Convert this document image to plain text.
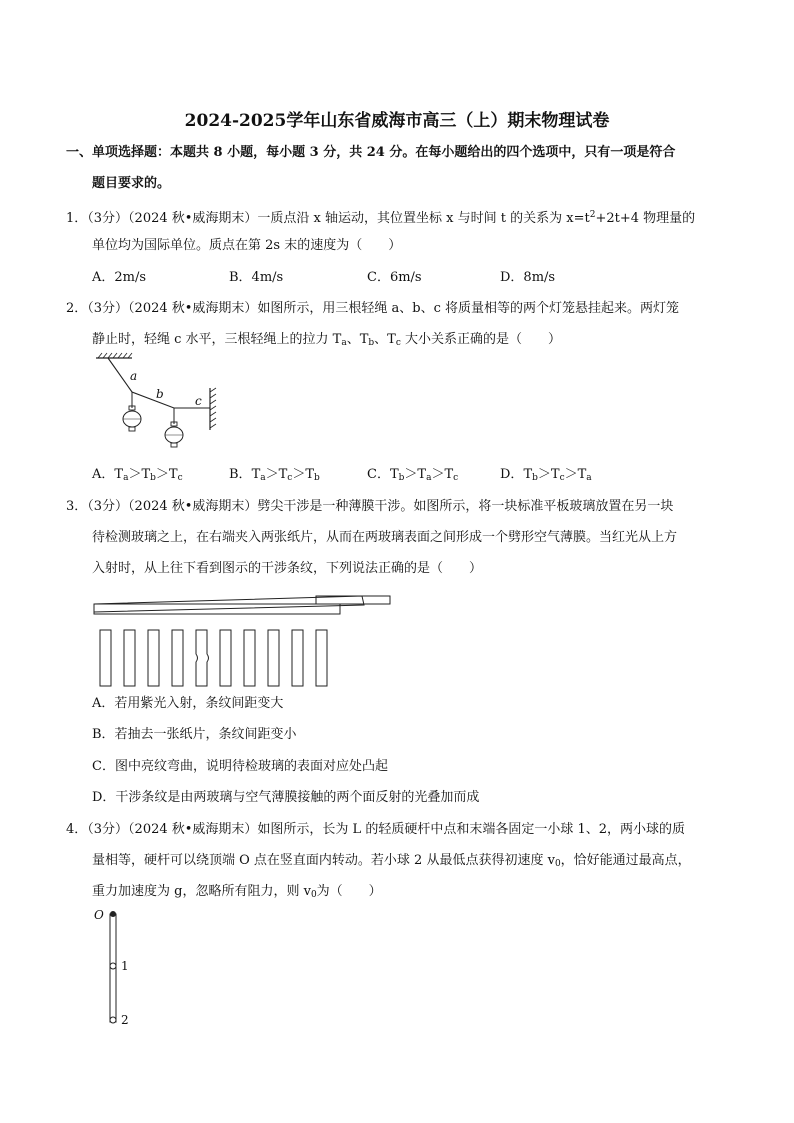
2024-2025学年山东省威海市高三（上）期末物理试卷
一、单项选择题：本题共 8 小题，每小题 3 分，共 24 分。在每小题给出的四个选项中，只有一项是符合
题目要求的。
1．（3分）（2024 秋•威海期末）一质点沿 x 轴运动，其位置坐标 x 与时间 t 的关系为 $x=t^2+2t+4$ 物理量的
单位均为国际单位。质点在第 2s 末的速度为（　　）
A．2m/s	B．4m/s	C．6m/s	D．8m/s
2．（3分）（2024 秋•威海期末）如图所示，用三根轻绳 a、b、c 将质量相等的两个灯笼悬挂起来。两灯笼
静止时，轻绳 c 水平，三根轻绳上的拉力 $T_a$、$T_b$、$T_c$ 大小关系正确的是（　　）
a
b	c
A．$T_a>T_b>T_c$	B．$T_a>T_c>T_b$	C．$T_b>T_a>T_c$	D．$T_b>T_c>T_a$
3．（3分）（2024 秋•威海期末）劈尖干涉是一种薄膜干涉。如图所示，将一块标准平板玻璃放置在另一块
待检测玻璃之上，在右端夹入两张纸片，从而在两玻璃表面之间形成一个劈形空气薄膜。当红光从上方
入射时，从上往下看到图示的干涉条纹，下列说法正确的是（　　）
A．若用紫光入射，条纹间距变大
B．若抽去一张纸片，条纹间距变小
C．图中亮纹弯曲，说明待检玻璃的表面对应处凸起
D．干涉条纹是由两玻璃与空气薄膜接触的两个面反射的光叠加而成
4．（3分）（2024 秋•威海期末）如图所示，长为 L 的轻质硬杆中点和末端各固定一小球 1、2，两小球的质
量相等，硬杆可以绕顶端 O 点在竖直面内转动。若小球 2 从最低点获得初速度 $v_0$，恰好能通过最高点，
重力加速度为 g，忽略所有阻力，则 $v_0$为（　　）
O
1
2
